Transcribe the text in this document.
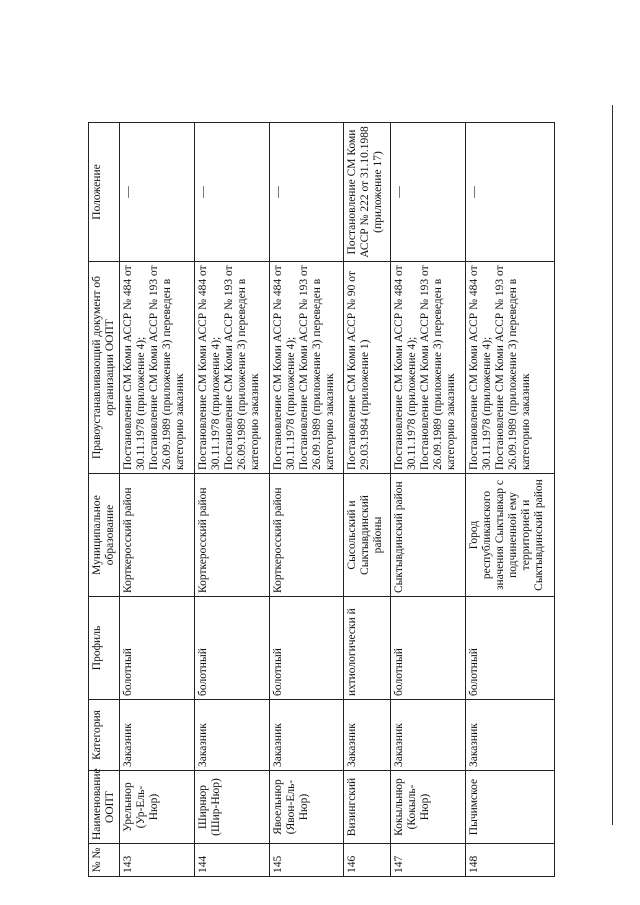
№ №	Наименование ООПТ	Категория	Профиль	Муниципальное образование	Правоустанавливающий документ об организации ООПТ	Положение
143	Урельнюр (Ур-Ель-Нюр)	Заказник	болотный	Корткеросский район	Постановление СМ Коми АССР № 484 от 30.11.1978 (приложение 4); Постановление СМ Коми АССР № 193 от 26.09.1989 (приложение 3) переведен в категорию заказник	—
144	Ширнюр (Шир-Нюр)	Заказник	болотный	Корткеросский район	Постановление СМ Коми АССР № 484 от 30.11.1978 (приложение 4); Постановление СМ Коми АССР № 193 от 26.09.1989 (приложение 3) переведен в категорию заказник	—
145	Явоельнюр (Явон-Ель-Нюр)	Заказник	болотный	Корткеросский район	Постановление СМ Коми АССР № 484 от 30.11.1978 (приложение 4); Постановление СМ Коми АССР № 193 от 26.09.1989 (приложение 3) переведен в категорию заказник	—
146	Визингский	Заказник	ихтиологически й	Сысольский и Сыктывдинский районы	Постановление СМ Коми АССР № 90 от 29.03.1984 (приложение 1)	Постановление СМ Коми АССР № 222 от 31.10.1988 (приложение 17)
147	Кокыльнюр (Кокыль-Нюр)	Заказник	болотный	Сыктывдинский район	Постановление СМ Коми АССР № 484 от 30.11.1978 (приложение 4); Постановление СМ Коми АССР № 193 от 26.09.1989 (приложение 3) переведен в категорию заказник	—
148	Пычимское	Заказник	болотный	Город республиканского значения Сыктывкар с подчиненной ему территорией и Сыктывдинский район	Постановление СМ Коми АССР № 484 от 30.11.1978 (приложение 4); Постановление СМ Коми АССР № 193 от 26.09.1989 (приложение 3) переведен в категорию заказник	—
